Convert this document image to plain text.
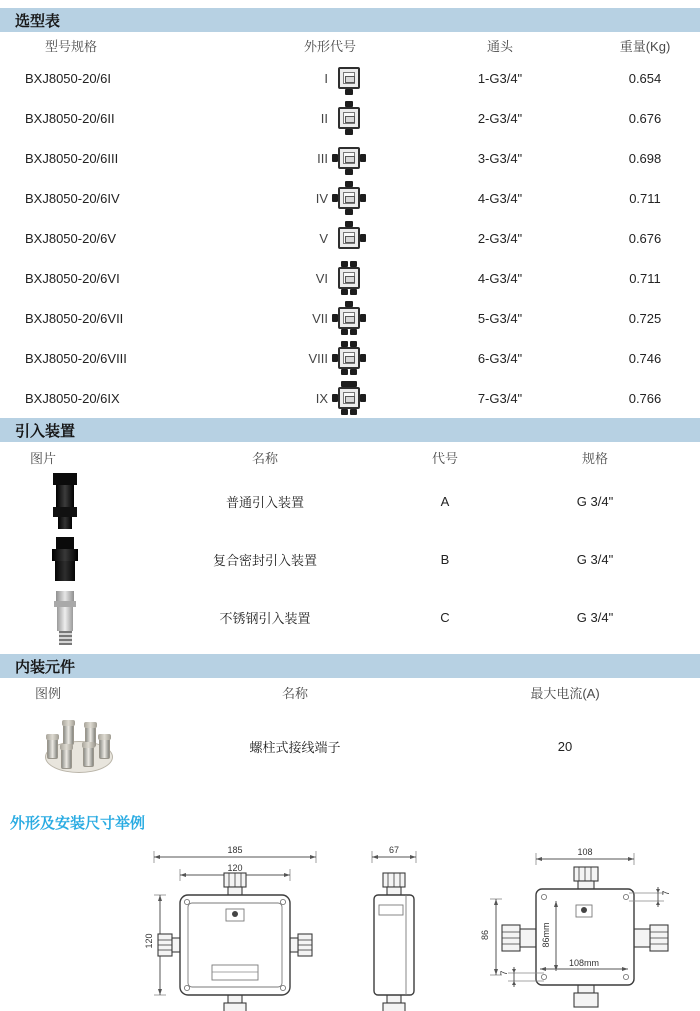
选型表
型号规格	外形代号	通头	重量(Kg)
BXJ8050-20/6I	I	1-G3/4"	0.654
BXJ8050-20/6II	II	2-G3/4"	0.676
BXJ8050-20/6III	III	3-G3/4"	0.698
BXJ8050-20/6IV	IV	4-G3/4"	0.711
BXJ8050-20/6V	V	2-G3/4"	0.676
BXJ8050-20/6VI	VI	4-G3/4"	0.711
BXJ8050-20/6VII	VII	5-G3/4"	0.725
BXJ8050-20/6VIII	VIII	6-G3/4"	0.746
BXJ8050-20/6IX	IX	7-G3/4"	0.766
引入装置
图片	名称	代号	规格
普通引入装置	A	G 3/4"
复合密封引入装置	B	G 3/4"
不锈钢引入装置	C	G 3/4"
内装元件
图例	名称	最大电流(A)
螺柱式接线端子	20
外形及安装尺寸举例
185
120
120
67	108
86
7
7
86mm
108mm
